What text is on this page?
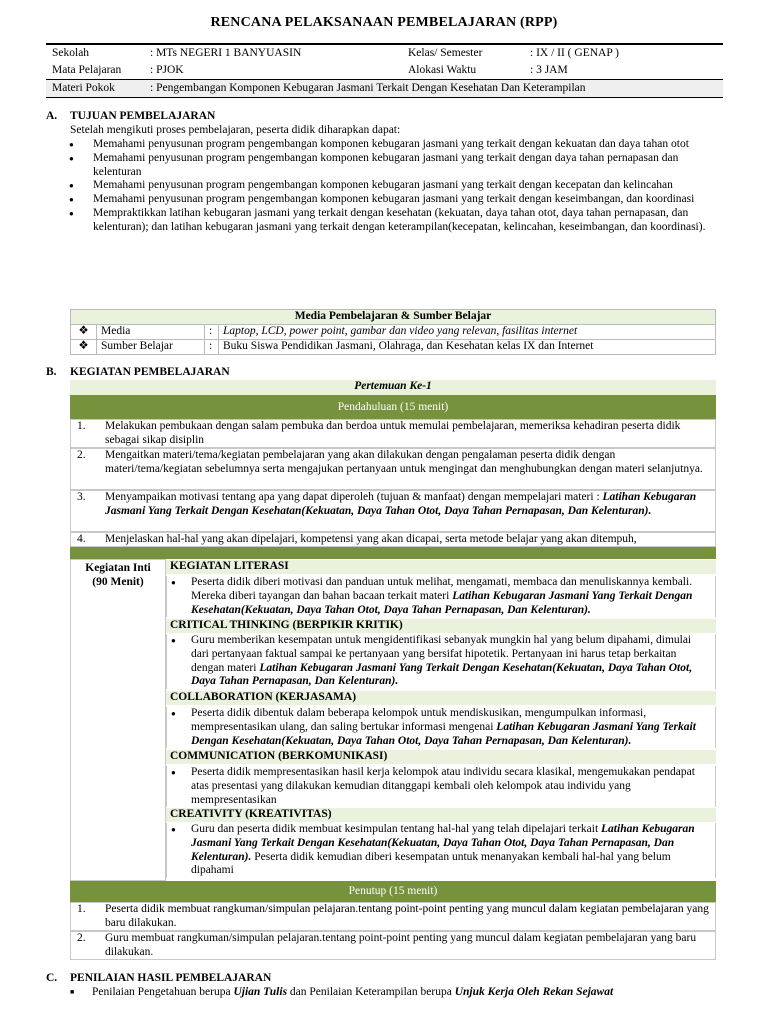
RENCANA PELAKSANAAN PEMBELAJARAN (RPP)
Sekolah	: MTs NEGERI 1 BANYUASIN	Kelas/ Semester	: IX / II ( GENAP )
Mata Pelajaran	: PJOK	Alokasi Waktu	: 3 JAM
Materi Pokok	: Pengembangan Komponen Kebugaran Jasmani Terkait Dengan Kesehatan Dan Keterampilan		
A. TUJUAN PEMBELAJARAN
Setelah mengikuti proses pembelajaran, peserta didik diharapkan dapat:
● Memahami penyusunan program pengembangan komponen kebugaran jasmani yang terkait dengan kekuatan dan daya tahan otot
● Memahami penyusunan program pengembangan komponen kebugaran jasmani yang terkait dengan daya tahan pernapasan dan kelenturan
● Memahami penyusunan program pengembangan komponen kebugaran jasmani yang terkait dengan kecepatan dan kelincahan
● Memahami penyusunan program pengembangan komponen kebugaran jasmani yang terkait dengan keseimbangan, dan koordinasi
● Mempraktikkan latihan kebugaran jasmani yang terkait dengan kesehatan (kekuatan, daya tahan otot, daya tahan pernapasan, dan kelenturan); dan latihan kebugaran jasmani yang terkait dengan keterampilan(kecepatan, kelincahan, keseimbangan, dan koordinasi).
Media Pembelajaran & Sumber Belajar			
❖	Media	:	Laptop, LCD, power point, gambar dan video yang relevan, fasilitas internet
❖	Sumber Belajar	:	Buku Siswa Pendidikan Jasmani, Olahraga, dan Kesehatan kelas IX dan Internet
B. KEGIATAN PEMBELAJARAN
Pertemuan Ke-1
Pendahuluan (15 menit)
1. Melakukan pembukaan dengan salam pembuka dan berdoa untuk memulai pembelajaran, memeriksa kehadiran peserta didik sebagai sikap disiplin
2. Mengaitkan materi/tema/kegiatan pembelajaran yang akan dilakukan dengan pengalaman peserta didik dengan materi/tema/kegiatan sebelumnya serta mengajukan pertanyaan untuk mengingat dan menghubungkan dengan materi selanjutnya.
3. Menyampaikan motivasi tentang apa yang dapat diperoleh (tujuan & manfaat) dengan mempelajari materi : Latihan Kebugaran Jasmani Yang Terkait Dengan Kesehatan(Kekuatan, Daya Tahan Otot, Daya Tahan Pernapasan, Dan Kelenturan).
4. Menjelaskan hal-hal yang akan dipelajari, kompetensi yang akan dicapai, serta metode belajar yang akan ditempuh,
Kegiatan Inti
(90 Menit)
KEGIATAN LITERASI
● Peserta didik diberi motivasi dan panduan untuk melihat, mengamati, membaca dan menuliskannya kembali. Mereka diberi tayangan dan bahan bacaan terkait materi Latihan Kebugaran Jasmani Yang Terkait Dengan Kesehatan(Kekuatan, Daya Tahan Otot, Daya Tahan Pernapasan, Dan Kelenturan).
CRITICAL THINKING (BERPIKIR KRITIK)
● Guru memberikan kesempatan untuk mengidentifikasi sebanyak mungkin hal yang belum dipahami, dimulai dari pertanyaan faktual sampai ke pertanyaan yang bersifat hipotetik. Pertanyaan ini harus tetap berkaitan dengan materi Latihan Kebugaran Jasmani Yang Terkait Dengan Kesehatan(Kekuatan, Daya Tahan Otot, Daya Tahan Pernapasan, Dan Kelenturan).
COLLABORATION (KERJASAMA)
● Peserta didik dibentuk dalam beberapa kelompok untuk mendiskusikan, mengumpulkan informasi, mempresentasikan ulang, dan saling bertukar informasi mengenai Latihan Kebugaran Jasmani Yang Terkait Dengan Kesehatan(Kekuatan, Daya Tahan Otot, Daya Tahan Pernapasan, Dan Kelenturan).
COMMUNICATION (BERKOMUNIKASI)
● Peserta didik mempresentasikan hasil kerja kelompok atau individu secara klasikal, mengemukakan pendapat atas presentasi yang dilakukan kemudian ditanggapi kembali oleh kelompok atau individu yang mempresentasikan
CREATIVITY (KREATIVITAS)
● Guru dan peserta didik membuat kesimpulan tentang hal-hal yang telah dipelajari terkait Latihan Kebugaran Jasmani Yang Terkait Dengan Kesehatan(Kekuatan, Daya Tahan Otot, Daya Tahan Pernapasan, Dan Kelenturan). Peserta didik kemudian diberi kesempatan untuk menanyakan kembali hal-hal yang belum dipahami
Penutup (15 menit)
1. Peserta didik membuat rangkuman/simpulan pelajaran.tentang point-point penting yang muncul dalam kegiatan pembelajaran yang baru dilakukan.
2. Guru membuat rangkuman/simpulan pelajaran.tentang point-point penting yang muncul dalam kegiatan pembelajaran yang baru dilakukan.
C. PENILAIAN HASIL PEMBELAJARAN
■ Penilaian Pengetahuan berupa Ujian Tulis dan Penilaian Keterampilan berupa Unjuk Kerja Oleh Rekan Sejawat
